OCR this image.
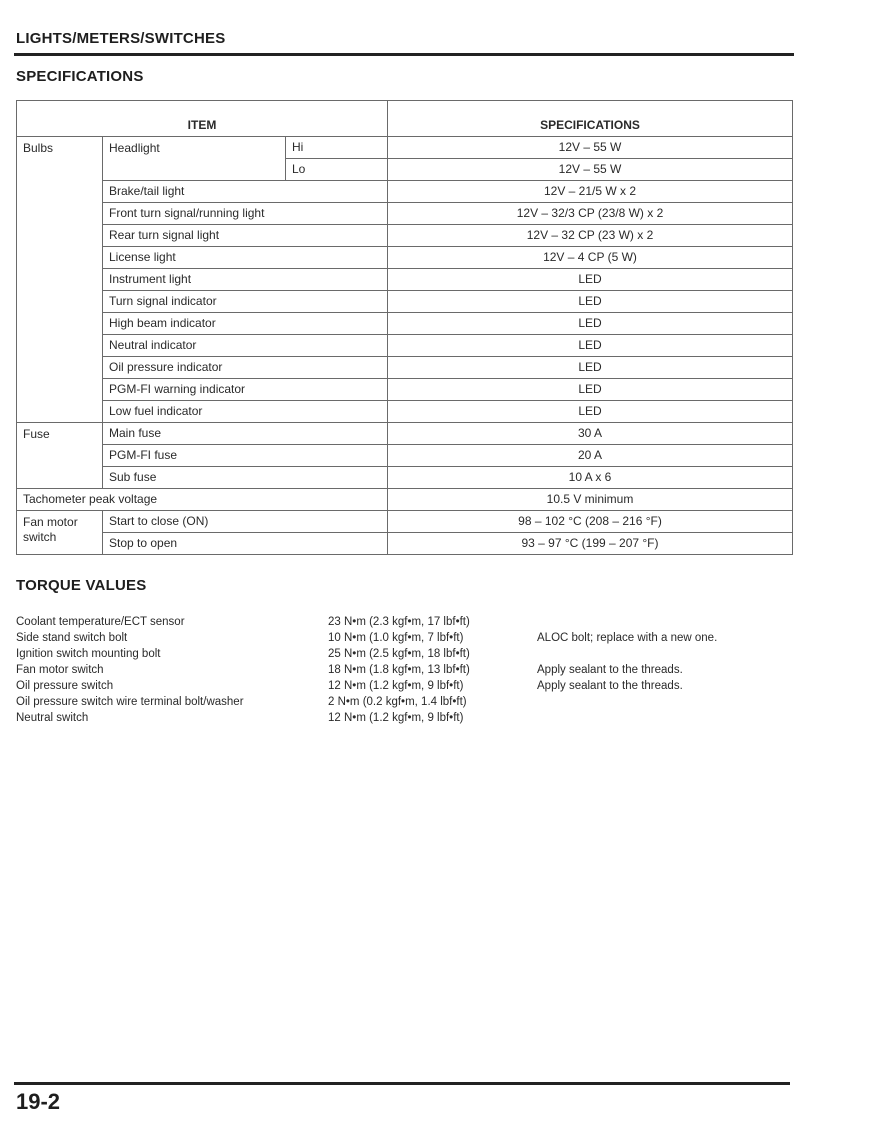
LIGHTS/METERS/SWITCHES
SPECIFICATIONS
ITEM			SPECIFICATIONS
Bulbs	Headlight	Hi	12V – 55 W
		Lo	12V – 55 W
	Brake/tail light		12V – 21/5 W x 2
	Front turn signal/running light		12V – 32/3 CP (23/8 W) x 2
	Rear turn signal light		12V – 32 CP (23 W) x 2
	License light		12V – 4 CP (5 W)
	Instrument light		LED
	Turn signal indicator		LED
	High beam indicator		LED
	Neutral indicator		LED
	Oil pressure indicator		LED
	PGM-FI warning indicator		LED
	Low fuel indicator		LED
Fuse	Main fuse		30 A
	PGM-FI fuse		20 A
	Sub fuse		10 A x 6
Tachometer peak voltage			10.5 V minimum
Fan motor switch	Start to close (ON)		98 – 102 °C (208 – 216 °F)
	Stop to open		93 – 97 °C (199 – 207 °F)
TORQUE VALUES
Coolant temperature/ECT sensor	23 N•m (2.3 kgf•m, 17 lbf•ft)
Side stand switch bolt	10 N•m (1.0 kgf•m, 7 lbf•ft)	ALOC bolt; replace with a new one.
Ignition switch mounting bolt	25 N•m (2.5 kgf•m, 18 lbf•ft)
Fan motor switch	18 N•m (1.8 kgf•m, 13 lbf•ft)	Apply sealant to the threads.
Oil pressure switch	12 N•m (1.2 kgf•m, 9 lbf•ft)	Apply sealant to the threads.
Oil pressure switch wire terminal bolt/washer	2 N•m (0.2 kgf•m, 1.4 lbf•ft)
Neutral switch	12 N•m (1.2 kgf•m, 9 lbf•ft)
19-2
